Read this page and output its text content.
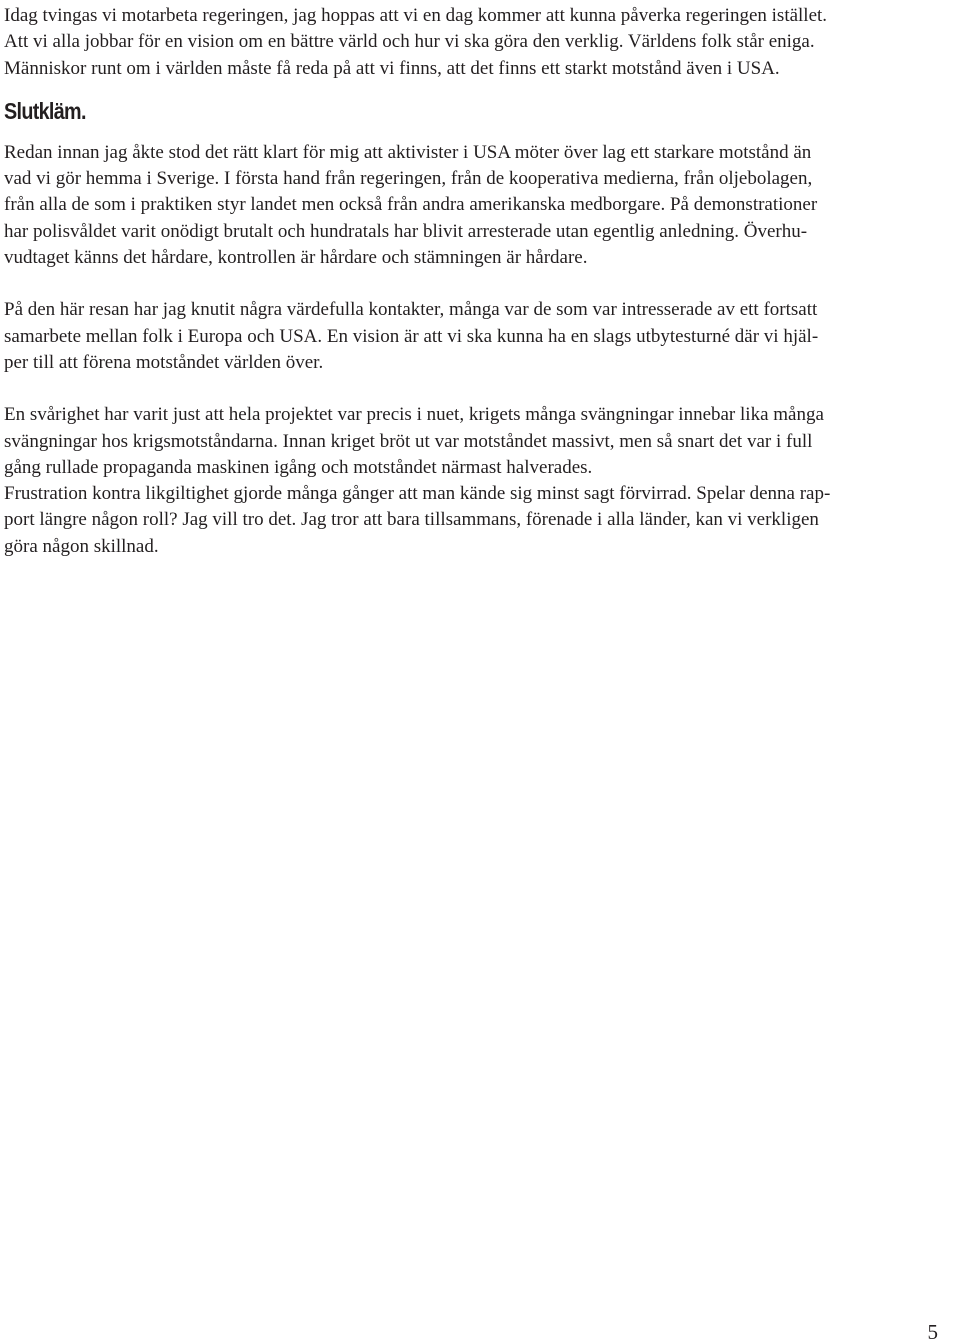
Idag tvingas vi motarbeta regeringen, jag hoppas att vi en dag kommer att kunna påverka regeringen istället.
Att vi alla jobbar för en vision om en bättre värld och hur vi ska göra den verklig. Världens folk står eniga.
Människor runt om i världen måste få reda på att vi finns, att det finns ett starkt motstånd även i USA.

Slutkläm.

Redan innan jag åkte stod det rätt klart för mig att aktivister i USA möter över lag ett starkare motstånd än
vad vi gör hemma i Sverige. I första hand från regeringen, från de kooperativa medierna, från oljebolagen,
från alla de som i praktiken styr landet men också från andra amerikanska medborgare. På demonstrationer
har polisvåldet varit onödigt brutalt och hundratals har blivit arresterade utan egentlig anledning. Överhu-
vudtaget känns det hårdare, kontrollen är hårdare och stämningen är hårdare.

På den här resan har jag knutit några värdefulla kontakter, många var de som var intresserade av ett fortsatt
samarbete mellan folk i Europa och USA. En vision är att vi ska kunna ha en slags utbytesturné där vi hjäl-
per till att förena motståndet världen över.

En svårighet har varit just att hela projektet var precis i nuet, krigets många svängningar innebar lika många
svängningar hos krigsmotståndarna. Innan kriget bröt ut var motståndet massivt, men så snart det var i full
gång rullade propaganda maskinen igång och motståndet närmast halverades.

Frustration kontra likgiltighet gjorde många gånger att man kände sig minst sagt förvirrad. Spelar denna rap-
port längre någon roll? Jag vill tro det. Jag tror att bara tillsammans, förenade i alla länder, kan vi verkligen
göra någon skillnad.

5
